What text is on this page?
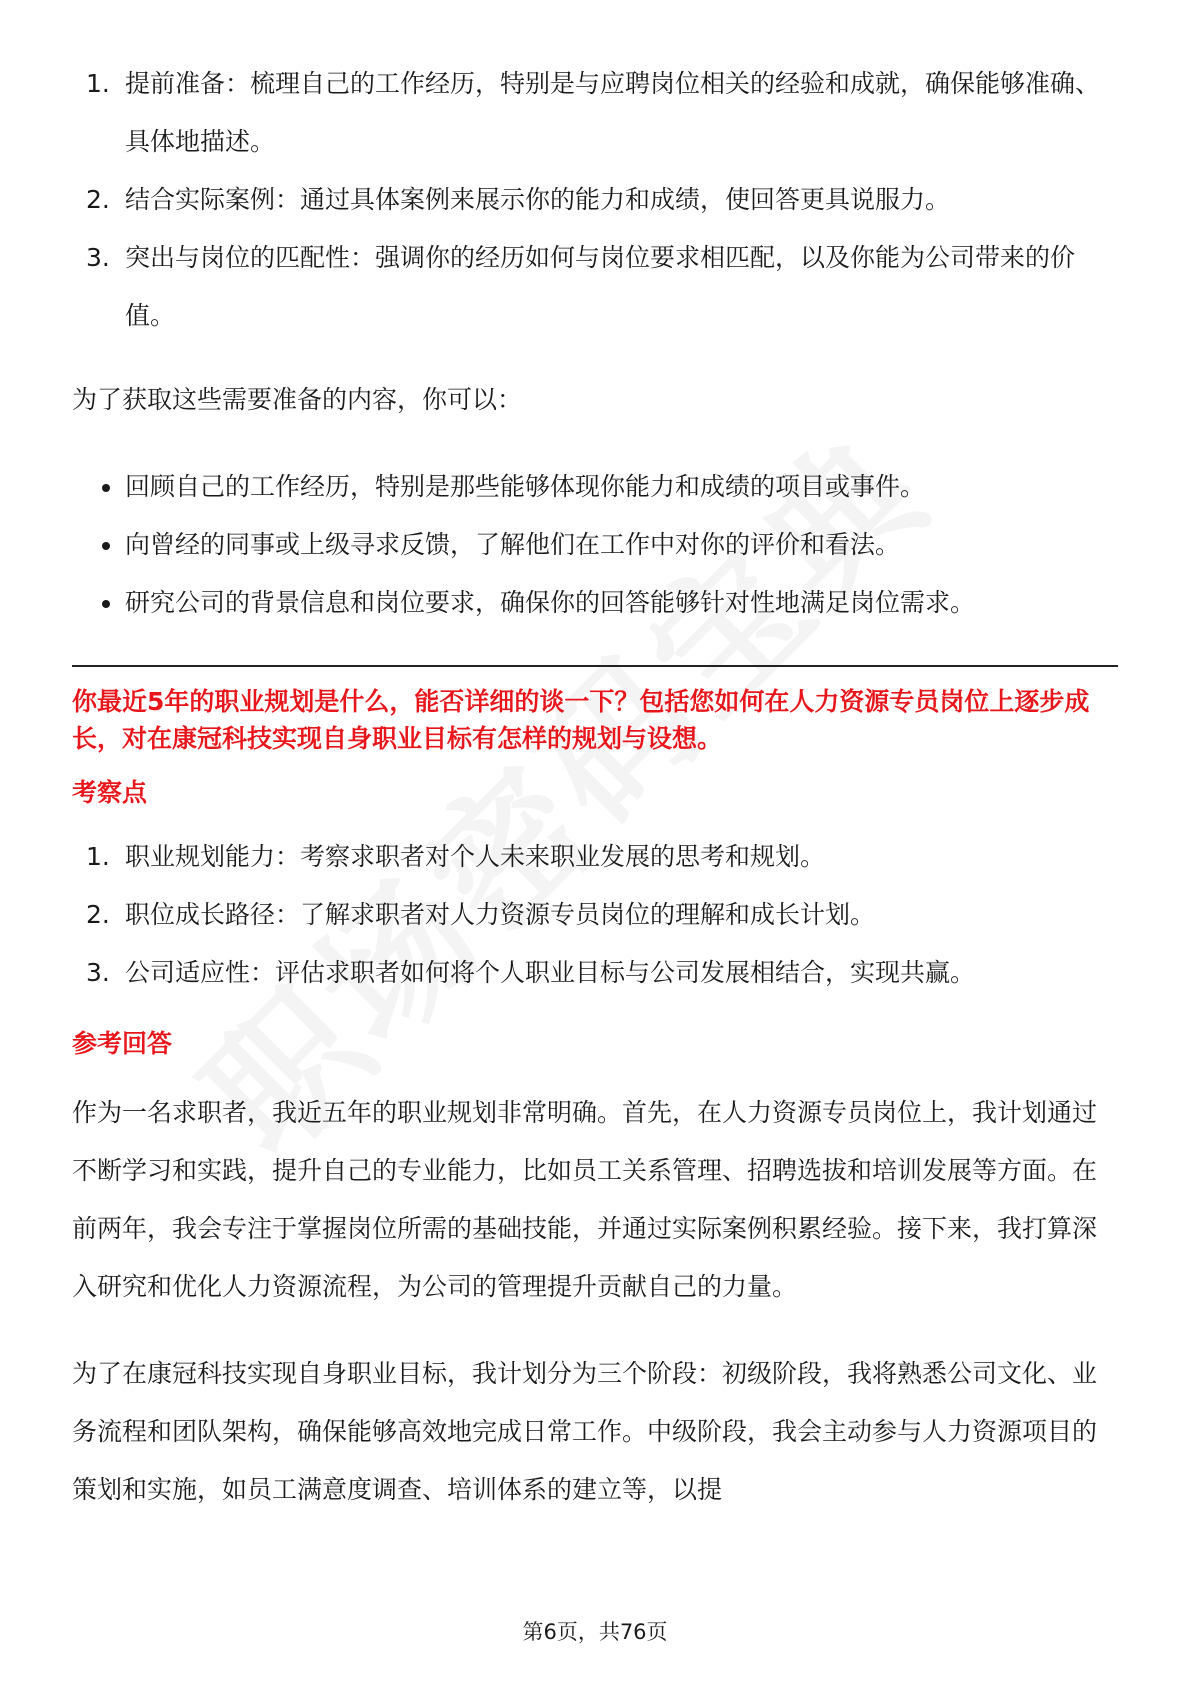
1. 提前准备：梳理自己的工作经历，特别是与应聘岗位相关的经验和成就，确保能够准确、具体地描述。
2. 结合实际案例：通过具体案例来展示你的能力和成绩，使回答更具说服力。
3. 突出与岗位的匹配性：强调你的经历如何与岗位要求相匹配，以及你能为公司带来的价值。

为了获取这些需要准备的内容，你可以：

回顾自己的工作经历，特别是那些能够体现你能力和成绩的项目或事件。
向曾经的同事或上级寻求反馈，了解他们在工作中对你的评价和看法。
研究公司的背景信息和岗位要求，确保你的回答能够针对性地满足岗位需求。

你最近5年的职业规划是什么，能否详细的谈一下？包括您如何在人力资源专员岗位上逐步成长，对在康冠科技实现自身职业目标有怎样的规划与设想。

考察点

1. 职业规划能力：考察求职者对个人未来职业发展的思考和规划。
2. 职位成长路径：了解求职者对人力资源专员岗位的理解和成长计划。
3. 公司适应性：评估求职者如何将个人职业目标与公司发展相结合，实现共赢。

参考回答

作为一名求职者，我近五年的职业规划非常明确。首先，在人力资源专员岗位上，我计划通过不断学习和实践，提升自己的专业能力，比如员工关系管理、招聘选拔和培训发展等方面。在前两年，我会专注于掌握岗位所需的基础技能，并通过实际案例积累经验。接下来，我打算深入研究和优化人力资源流程，为公司的管理提升贡献自己的力量。

为了在康冠科技实现自身职业目标，我计划分为三个阶段：初级阶段，我将熟悉公司文化、业务流程和团队架构，确保能够高效地完成日常工作。中级阶段，我会主动参与人力资源项目的策划和实施，如员工满意度调查、培训体系的建立等，以提

第6页，共76页
